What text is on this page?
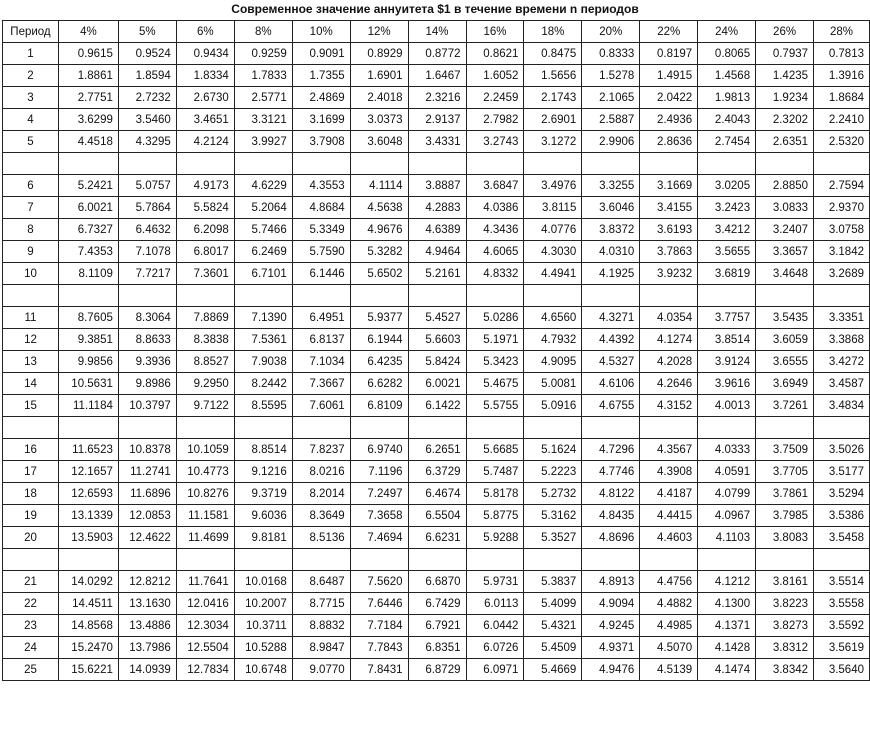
Современное значение аннуитета $1 в течение времени n периодов
Период	4%	5%	6%	8%	10%	12%	14%	16%	18%	20%	22%	24%	26%	28%
1	0.9615	0.9524	0.9434	0.9259	0.9091	0.8929	0.8772	0.8621	0.8475	0.8333	0.8197	0.8065	0.7937	0.7813
2	1.8861	1.8594	1.8334	1.7833	1.7355	1.6901	1.6467	1.6052	1.5656	1.5278	1.4915	1.4568	1.4235	1.3916
3	2.7751	2.7232	2.6730	2.5771	2.4869	2.4018	2.3216	2.2459	2.1743	2.1065	2.0422	1.9813	1.9234	1.8684
4	3.6299	3.5460	3.4651	3.3121	3.1699	3.0373	2.9137	2.7982	2.6901	2.5887	2.4936	2.4043	2.3202	2.2410
5	4.4518	4.3295	4.2124	3.9927	3.7908	3.6048	3.4331	3.2743	3.1272	2.9906	2.8636	2.7454	2.6351	2.5320

6	5.2421	5.0757	4.9173	4.6229	4.3553	4.1114	3.8887	3.6847	3.4976	3.3255	3.1669	3.0205	2.8850	2.7594
7	6.0021	5.7864	5.5824	5.2064	4.8684	4.5638	4.2883	4.0386	3.8115	3.6046	3.4155	3.2423	3.0833	2.9370
8	6.7327	6.4632	6.2098	5.7466	5.3349	4.9676	4.6389	4.3436	4.0776	3.8372	3.6193	3.4212	3.2407	3.0758
9	7.4353	7.1078	6.8017	6.2469	5.7590	5.3282	4.9464	4.6065	4.3030	4.0310	3.7863	3.5655	3.3657	3.1842
10	8.1109	7.7217	7.3601	6.7101	6.1446	5.6502	5.2161	4.8332	4.4941	4.1925	3.9232	3.6819	3.4648	3.2689

11	8.7605	8.3064	7.8869	7.1390	6.4951	5.9377	5.4527	5.0286	4.6560	4.3271	4.0354	3.7757	3.5435	3.3351
12	9.3851	8.8633	8.3838	7.5361	6.8137	6.1944	5.6603	5.1971	4.7932	4.4392	4.1274	3.8514	3.6059	3.3868
13	9.9856	9.3936	8.8527	7.9038	7.1034	6.4235	5.8424	5.3423	4.9095	4.5327	4.2028	3.9124	3.6555	3.4272
14	10.5631	9.8986	9.2950	8.2442	7.3667	6.6282	6.0021	5.4675	5.0081	4.6106	4.2646	3.9616	3.6949	3.4587
15	11.1184	10.3797	9.7122	8.5595	7.6061	6.8109	6.1422	5.5755	5.0916	4.6755	4.3152	4.0013	3.7261	3.4834

16	11.6523	10.8378	10.1059	8.8514	7.8237	6.9740	6.2651	5.6685	5.1624	4.7296	4.3567	4.0333	3.7509	3.5026
17	12.1657	11.2741	10.4773	9.1216	8.0216	7.1196	6.3729	5.7487	5.2223	4.7746	4.3908	4.0591	3.7705	3.5177
18	12.6593	11.6896	10.8276	9.3719	8.2014	7.2497	6.4674	5.8178	5.2732	4.8122	4.4187	4.0799	3.7861	3.5294
19	13.1339	12.0853	11.1581	9.6036	8.3649	7.3658	6.5504	5.8775	5.3162	4.8435	4.4415	4.0967	3.7985	3.5386
20	13.5903	12.4622	11.4699	9.8181	8.5136	7.4694	6.6231	5.9288	5.3527	4.8696	4.4603	4.1103	3.8083	3.5458

21	14.0292	12.8212	11.7641	10.0168	8.6487	7.5620	6.6870	5.9731	5.3837	4.8913	4.4756	4.1212	3.8161	3.5514
22	14.4511	13.1630	12.0416	10.2007	8.7715	7.6446	6.7429	6.0113	5.4099	4.9094	4.4882	4.1300	3.8223	3.5558
23	14.8568	13.4886	12.3034	10.3711	8.8832	7.7184	6.7921	6.0442	5.4321	4.9245	4.4985	4.1371	3.8273	3.5592
24	15.2470	13.7986	12.5504	10.5288	8.9847	7.7843	6.8351	6.0726	5.4509	4.9371	4.5070	4.1428	3.8312	3.5619
25	15.6221	14.0939	12.7834	10.6748	9.0770	7.8431	6.8729	6.0971	5.4669	4.9476	4.5139	4.1474	3.8342	3.5640
